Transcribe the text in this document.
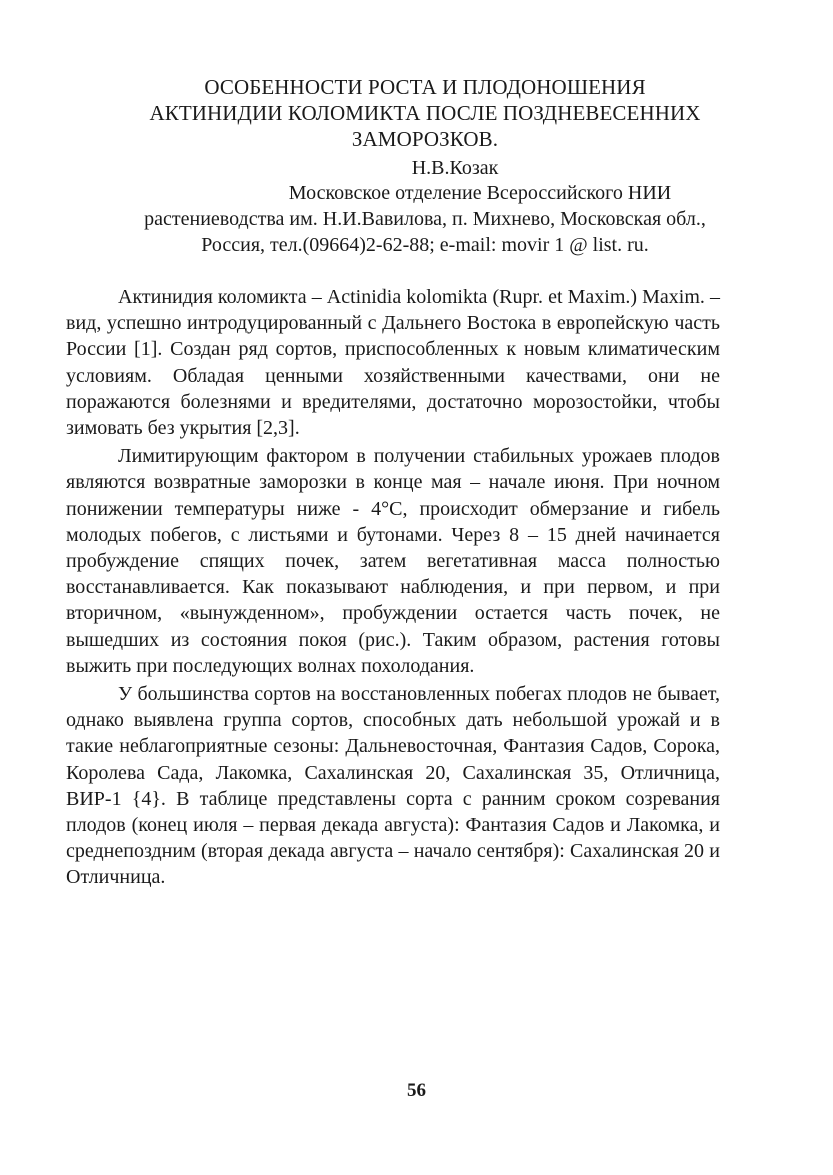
ОСОБЕННОСТИ РОСТА И ПЛОДОНОШЕНИЯ
АКТИНИДИИ КОЛОМИКТА ПОСЛЕ ПОЗДНЕВЕСЕННИХ
ЗАМОРОЗКОВ.
Н.В.Козак
Московское отделение Всероссийского НИИ
растениеводства им. Н.И.Вавилова, п. Михнево, Московская обл.,
Россия, тел.(09664)2-62-88; e-mail: movir 1 @ list. ru.

Актинидия коломикта – Actinidia kolomikta (Rupr. et Maxim.) Maxim. – вид, успешно интродуцированный с Дальнего Востока в европейскую часть России [1]. Создан ряд сортов, приспособленных к новым климатическим условиям. Обладая ценными хозяйственными качествами, они не поражаются болезнями и вредителями, достаточно морозостойки, чтобы зимовать без укрытия [2,3].

Лимитирующим фактором в получении стабильных урожаев плодов являются возвратные заморозки в конце мая – начале июня. При ночном понижении температуры ниже - 4°С, происходит обмерзание и гибель молодых побегов, с листьями и бутонами. Через 8 – 15 дней начинается пробуждение спящих почек, затем вегетативная масса полностью восстанавливается. Как показывают наблюдения, и при первом, и при вторичном, «вынужденном», пробуждении остается часть почек, не вышедших из состояния покоя (рис.). Таким образом, растения готовы выжить при последующих волнах похолодания.

У большинства сортов на восстановленных побегах плодов не бывает, однако выявлена группа сортов, способных дать небольшой урожай и в такие неблагоприятные сезоны: Дальневосточная, Фантазия Садов, Сорока, Королева Сада, Лакомка, Сахалинская 20, Сахалинская 35, Отличница, ВИР-1 {4}. В таблице представлены сорта с ранним сроком созревания плодов (конец июля – первая декада августа): Фантазия Садов и Лакомка, и среднепоздним (вторая декада августа – начало сентября): Сахалинская 20 и Отличница.

56
